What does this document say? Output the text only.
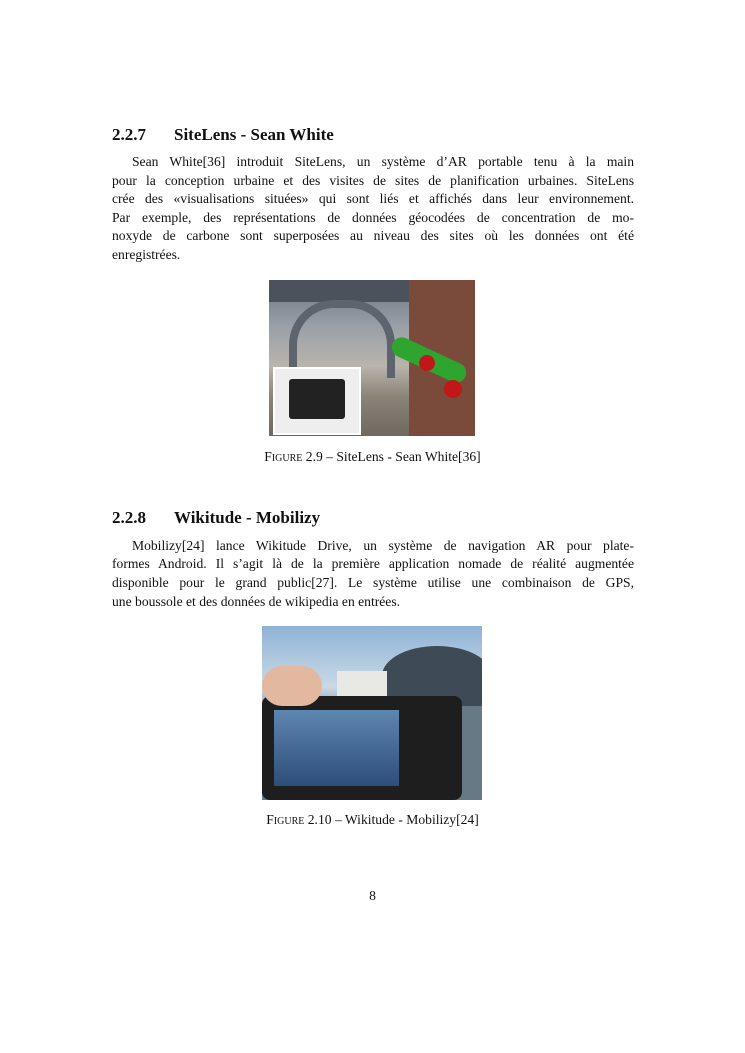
2.2.7 SiteLens - Sean White
Sean White[36] introduit SiteLens, un système d’AR portable tenu à la main
pour la conception urbaine et des visites de sites de planification urbaines. SiteLens
crée des «visualisations situées» qui sont liés et affichés dans leur environnement.
Par exemple, des représentations de données géocodées de concentration de mo-
noxyde de carbone sont superposées au niveau des sites où les données ont été
enregistrées.
Figure 2.9 – SiteLens - Sean White[36]
2.2.8 Wikitude - Mobilizy
Mobilizy[24] lance Wikitude Drive, un système de navigation AR pour plate-
formes Android. Il s’agit là de la première application nomade de réalité augmentée
disponible pour le grand public[27]. Le système utilise une combinaison de GPS,
une boussole et des données de wikipedia en entrées.
Figure 2.10 – Wikitude - Mobilizy[24]
8
